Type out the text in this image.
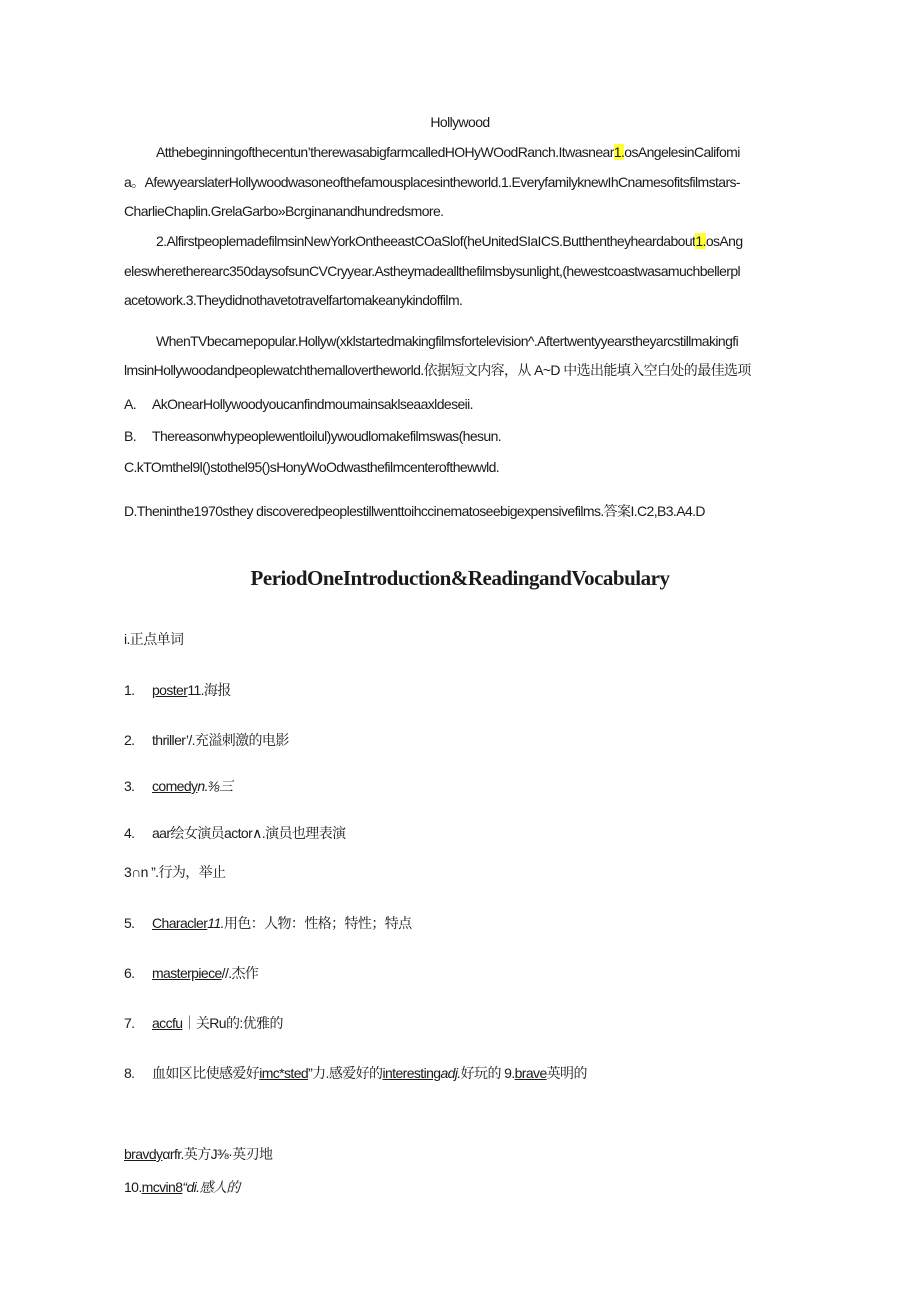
Hollywood
Atthebeginningofthecentun’therewasabigfarmcalledHOHyWOodRanch.Itwasnear1.osAngelesinCalifomi
a。AfewyearslaterHollywoodwasoneofthefamousplacesintheworld.1.EveryfamilyknewIhCnamesofitsfilmstars-
CharlieChaplin.GrelaGarbo»Bcrginanandhundredsmore.
2.AlfirstpeoplemadefilmsinNewYorkOntheeastCOaSlof(heUnitedSIaICS.Butthentheyheardabout1.osAng
eleswheretherearc350daysofsunCVCryyear.Astheymadeallthefilmsbysunlight,(hewestcoastwasamuchbellerpl
acetowork.3.Theydidnothavetotravelfartomakeanykindoffilm.
WhenTVbecamepopular.Hollyw(xklstartedmakingfilmsfortelevision^.Aftertwentyyearstheyarcstillmakingfi
lmsinHollywoodandpeoplewatchthemallovertheworld.依据短文内容，从 A~D 中选出能填入空白处的最佳选项
A. AkOnearHollywoodyoucanfindmoumainsaklseaaxldeseii.
B. Thereasonwhypeoplewentloilul)ywoudlomakefilmswas(hesun.
C.kTOmthel9l()stothel95()sHonyWoOdwasthefilmcenterofthewwld.
D.Theninthe1970sthey discoveredpeoplestillwenttoihccinematoseebigexpensivefilms.答案I.C2,B3.A4.D
PeriodOneIntroduction&ReadingandVocabulary
i.正点单词
1. poster11.海报
2. thriller’/.充溢刺激的电影
3. comedyn.⅜三
4. aar绘女演员actor∧.演员也理表演
3∩n ”.行为，举止
5. Characler11.用色：人物：性格；特性；特点
6. masterpiece//.杰作
7. accfu｜关Ru的:优雅的
8. 血如区比使感爱好imc*sted”力.感爱好的interestingadj.好玩的 9.brave英明的
bravdyαrfr.英方J⅜·英刃地
10.mcvin8“di.感人的
